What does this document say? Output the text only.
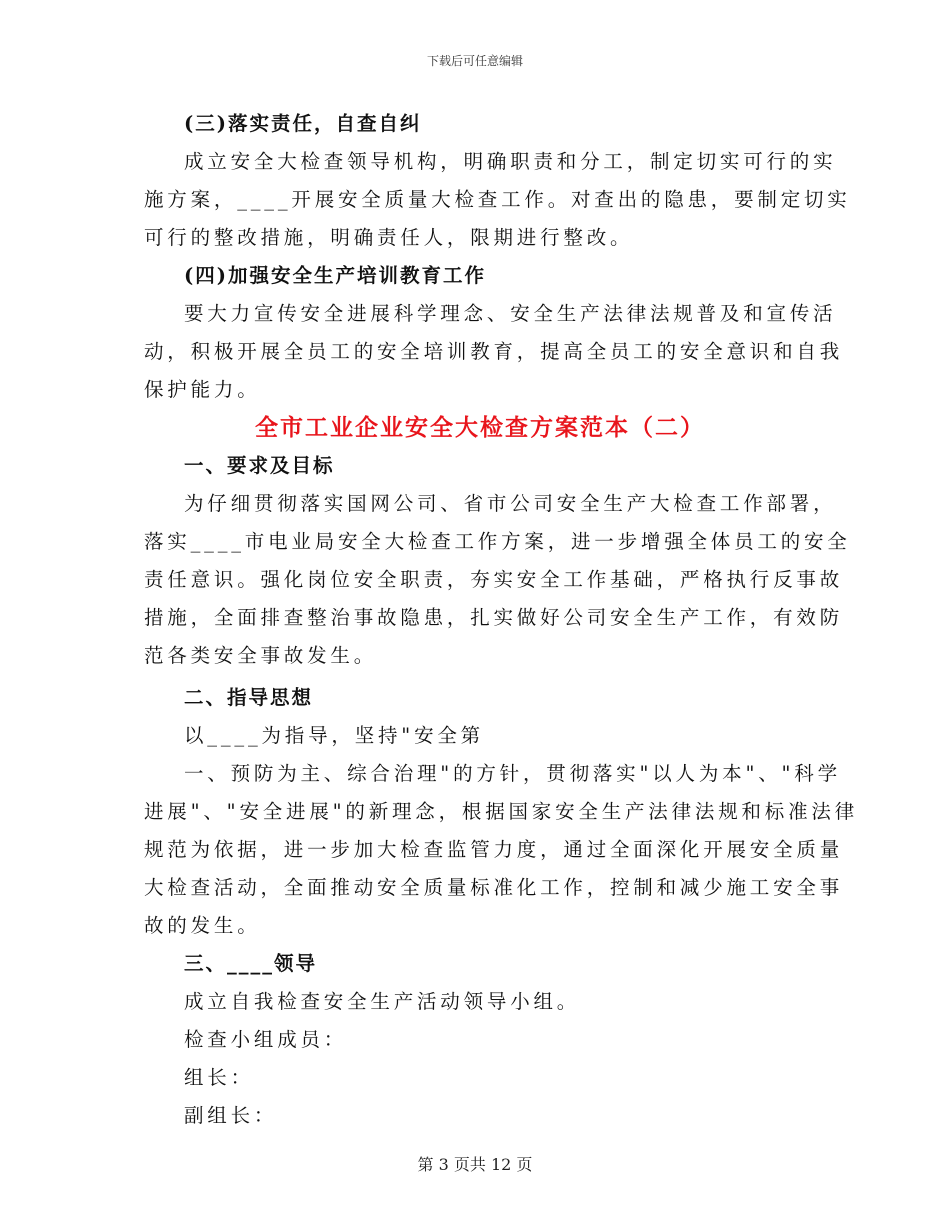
下载后可任意编辑
(三)落实责任，自查自纠
成立安全大检查领导机构，明确职责和分工，制定切实可行的实
施方案，____开展安全质量大检查工作。对查出的隐患，要制定切实
可行的整改措施，明确责任人，限期进行整改。
(四)加强安全生产培训教育工作
要大力宣传安全进展科学理念、安全生产法律法规普及和宣传活
动，积极开展全员工的安全培训教育，提高全员工的安全意识和自我
保护能力。
全市工业企业安全大检查方案范本（二）
一、要求及目标
为仔细贯彻落实国网公司、省市公司安全生产大检查工作部署，
落实____市电业局安全大检查工作方案，进一步增强全体员工的安全
责任意识。强化岗位安全职责，夯实安全工作基础，严格执行反事故
措施，全面排查整治事故隐患，扎实做好公司安全生产工作，有效防
范各类安全事故发生。
二、指导思想
以____为指导，坚持"安全第
一、预防为主、综合治理"的方针，贯彻落实"以人为本"、"科学
进展"、"安全进展"的新理念，根据国家安全生产法律法规和标准法律
规范为依据，进一步加大检查监管力度，通过全面深化开展安全质量
大检查活动，全面推动安全质量标准化工作，控制和减少施工安全事
故的发生。
三、____领导
成立自我检查安全生产活动领导小组。
检查小组成员：
组长：
副组长：
第 3 页共 12 页
